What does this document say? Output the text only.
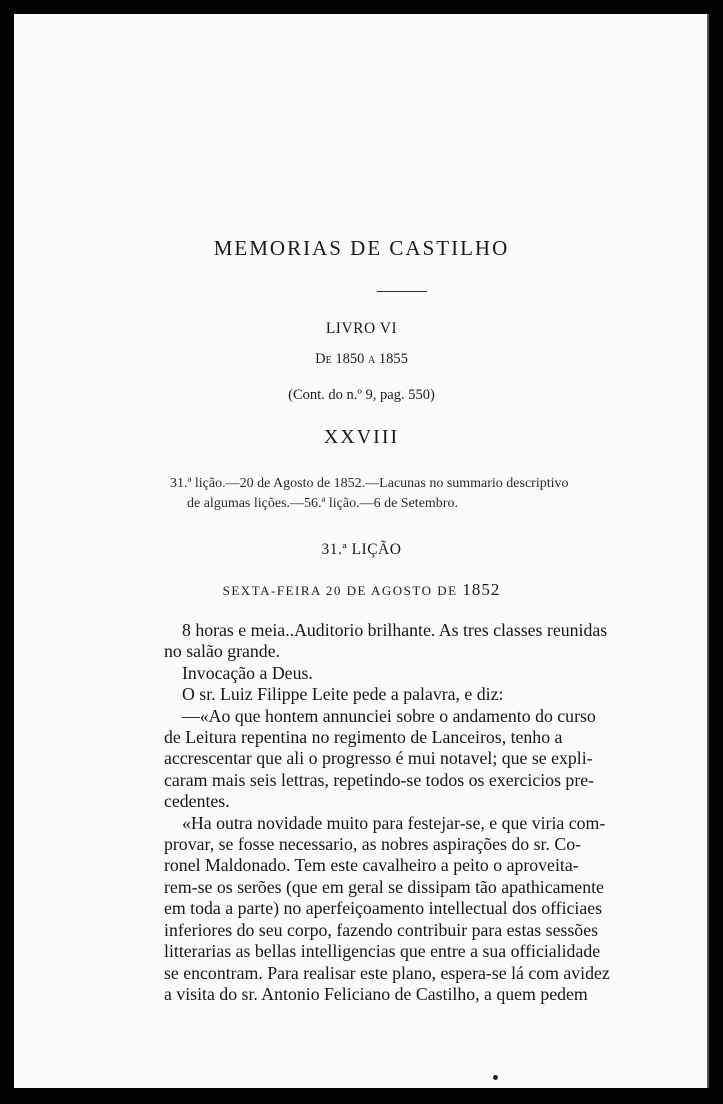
MEMORIAS DE CASTILHO
LIVRO VI
De 1850 a 1855
(Cont. do n.º 9, pag. 550)
XXVIII

31.ª lição.—20 de Agosto de 1852.—Lacunas no summario descriptivo

de algumas lições.—56.ª lição.—6 de Setembro.

31.ª LIÇÃO
SEXTA-FEIRA 20 DE AGOSTO DE 1852

8 horas e meia..Auditorio brilhante. As tres classes reunidas

no salão grande.

Invocação a Deus.

O sr. Luiz Filippe Leite pede a palavra, e diz:

—«Ao que hontem annunciei sobre o andamento do curso

de Leitura repentina no regimento de Lanceiros, tenho a

accrescentar que ali o progresso é mui notavel; que se expli-

caram mais seis lettras, repetindo-se todos os exercicios pre-

cedentes.

«Ha outra novidade muito para festejar-se, e que viria com-

provar, se fosse necessario, as nobres aspirações do sr. Co-

ronel Maldonado. Tem este cavalheiro a peito o aproveita-

rem-se os serões (que em geral se dissipam tão apathicamente

em toda a parte) no aperfeiçoamento intellectual dos officiaes

inferiores do seu corpo, fazendo contribuir para estas sessões

litterarias as bellas intelligencias que entre a sua officialidade

se encontram. Para realisar este plano, espera-se lá com avidez

a visita do sr. Antonio Feliciano de Castilho, a quem pedem
